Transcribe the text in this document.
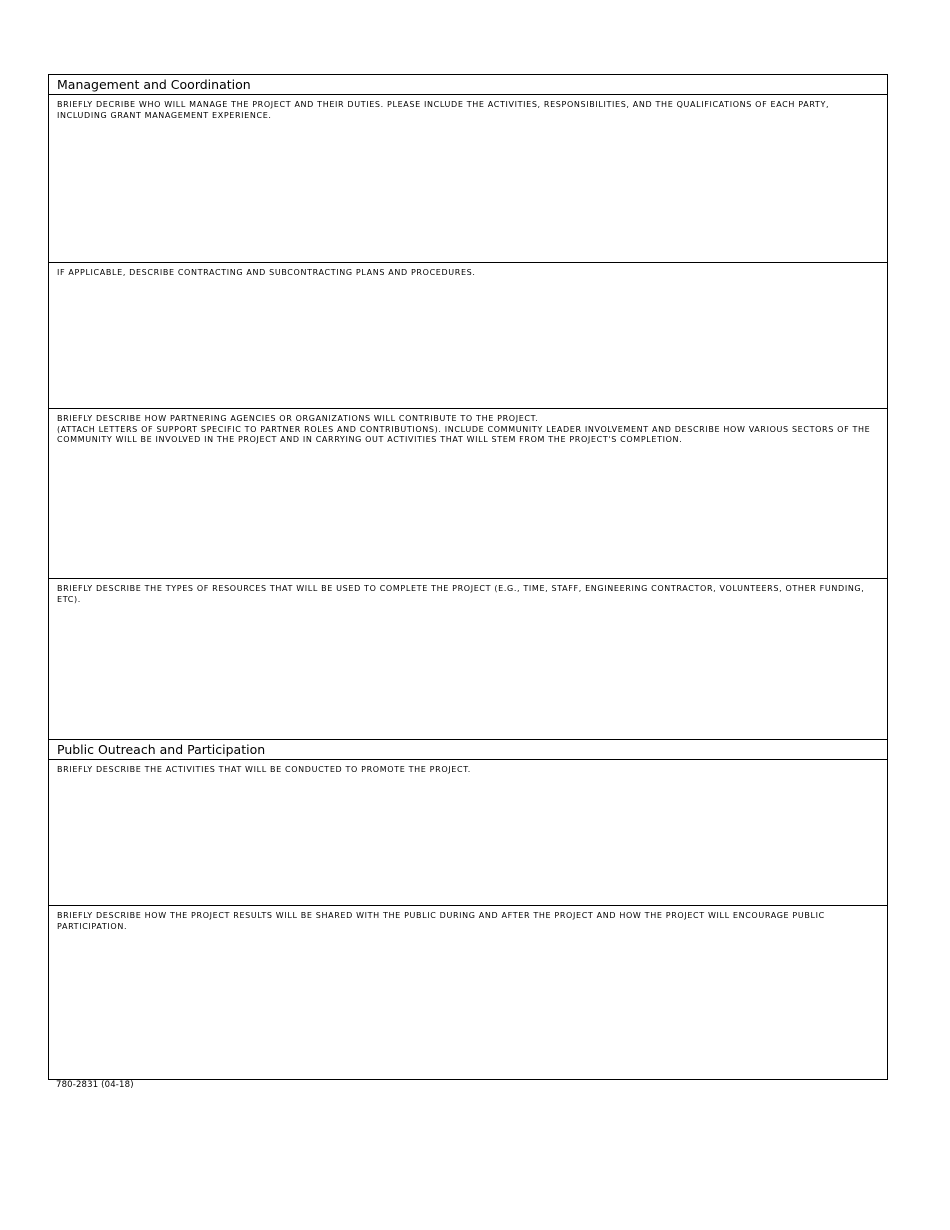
Management and Coordination
BRIEFLY DECRIBE WHO WILL MANAGE THE PROJECT AND THEIR DUTIES. PLEASE INCLUDE THE ACTIVITIES, RESPONSIBILITIES, AND THE QUALIFICATIONS OF EACH PARTY, INCLUDING GRANT MANAGEMENT EXPERIENCE.
IF APPLICABLE, DESCRIBE CONTRACTING AND SUBCONTRACTING PLANS AND PROCEDURES.
BRIEFLY DESCRIBE HOW PARTNERING AGENCIES OR ORGANIZATIONS WILL CONTRIBUTE TO THE PROJECT.
(ATTACH LETTERS OF SUPPORT SPECIFIC TO PARTNER ROLES AND CONTRIBUTIONS). INCLUDE COMMUNITY LEADER INVOLVEMENT AND DESCRIBE HOW VARIOUS SECTORS OF THE COMMUNITY WILL BE INVOLVED IN THE PROJECT AND IN CARRYING OUT ACTIVITIES THAT WILL STEM FROM THE PROJECT'S COMPLETION.
BRIEFLY DESCRIBE THE TYPES OF RESOURCES THAT WILL BE USED TO COMPLETE THE PROJECT (E.G., TIME, STAFF, ENGINEERING CONTRACTOR, VOLUNTEERS, OTHER FUNDING, ETC).
Public Outreach and Participation
BRIEFLY DESCRIBE THE ACTIVITIES THAT WILL BE CONDUCTED TO PROMOTE THE PROJECT.
BRIEFLY DESCRIBE HOW THE PROJECT RESULTS WILL BE SHARED WITH THE PUBLIC DURING AND AFTER THE PROJECT AND HOW THE PROJECT WILL ENCOURAGE PUBLIC PARTICIPATION.
780-2831 (04-18)
